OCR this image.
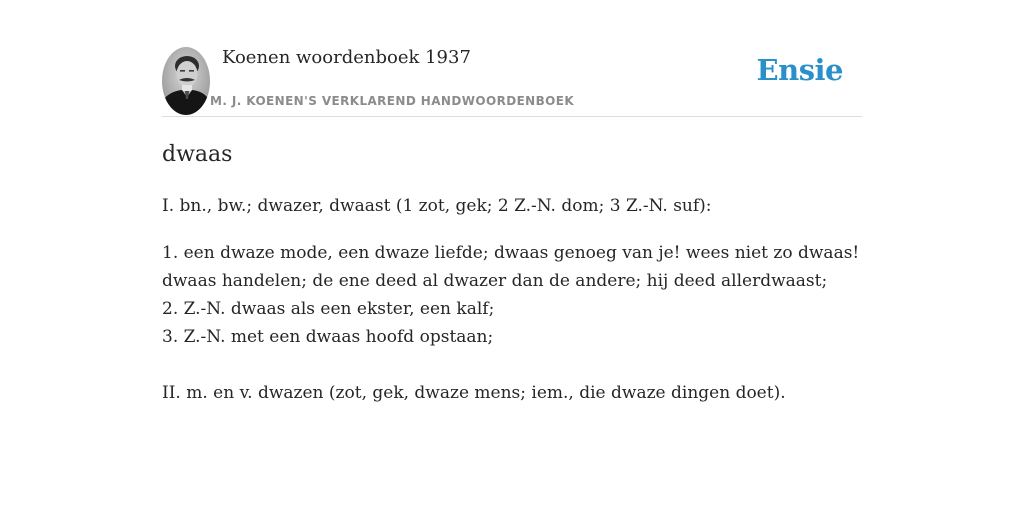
Koenen woordenboek 1937
M. J. KOENEN'S VERKLAREND HANDWOORDENBOEK
Ensie
dwaas

I. bn., bw.; dwazer, dwaast (1 zot, gek; 2 Z.-N. dom; 3 Z.-N. suf):

1. een dwaze mode, een dwaze liefde; dwaas genoeg van je! wees niet zo dwaas!
dwaas handelen; de ene deed al dwazer dan de andere; hij deed allerdwaast;
2. Z.-N. dwaas als een ekster, een kalf;
3. Z.-N. met een dwaas hoofd opstaan;

II. m. en v. dwazen (zot, gek, dwaze mens; iem., die dwaze dingen doet).
